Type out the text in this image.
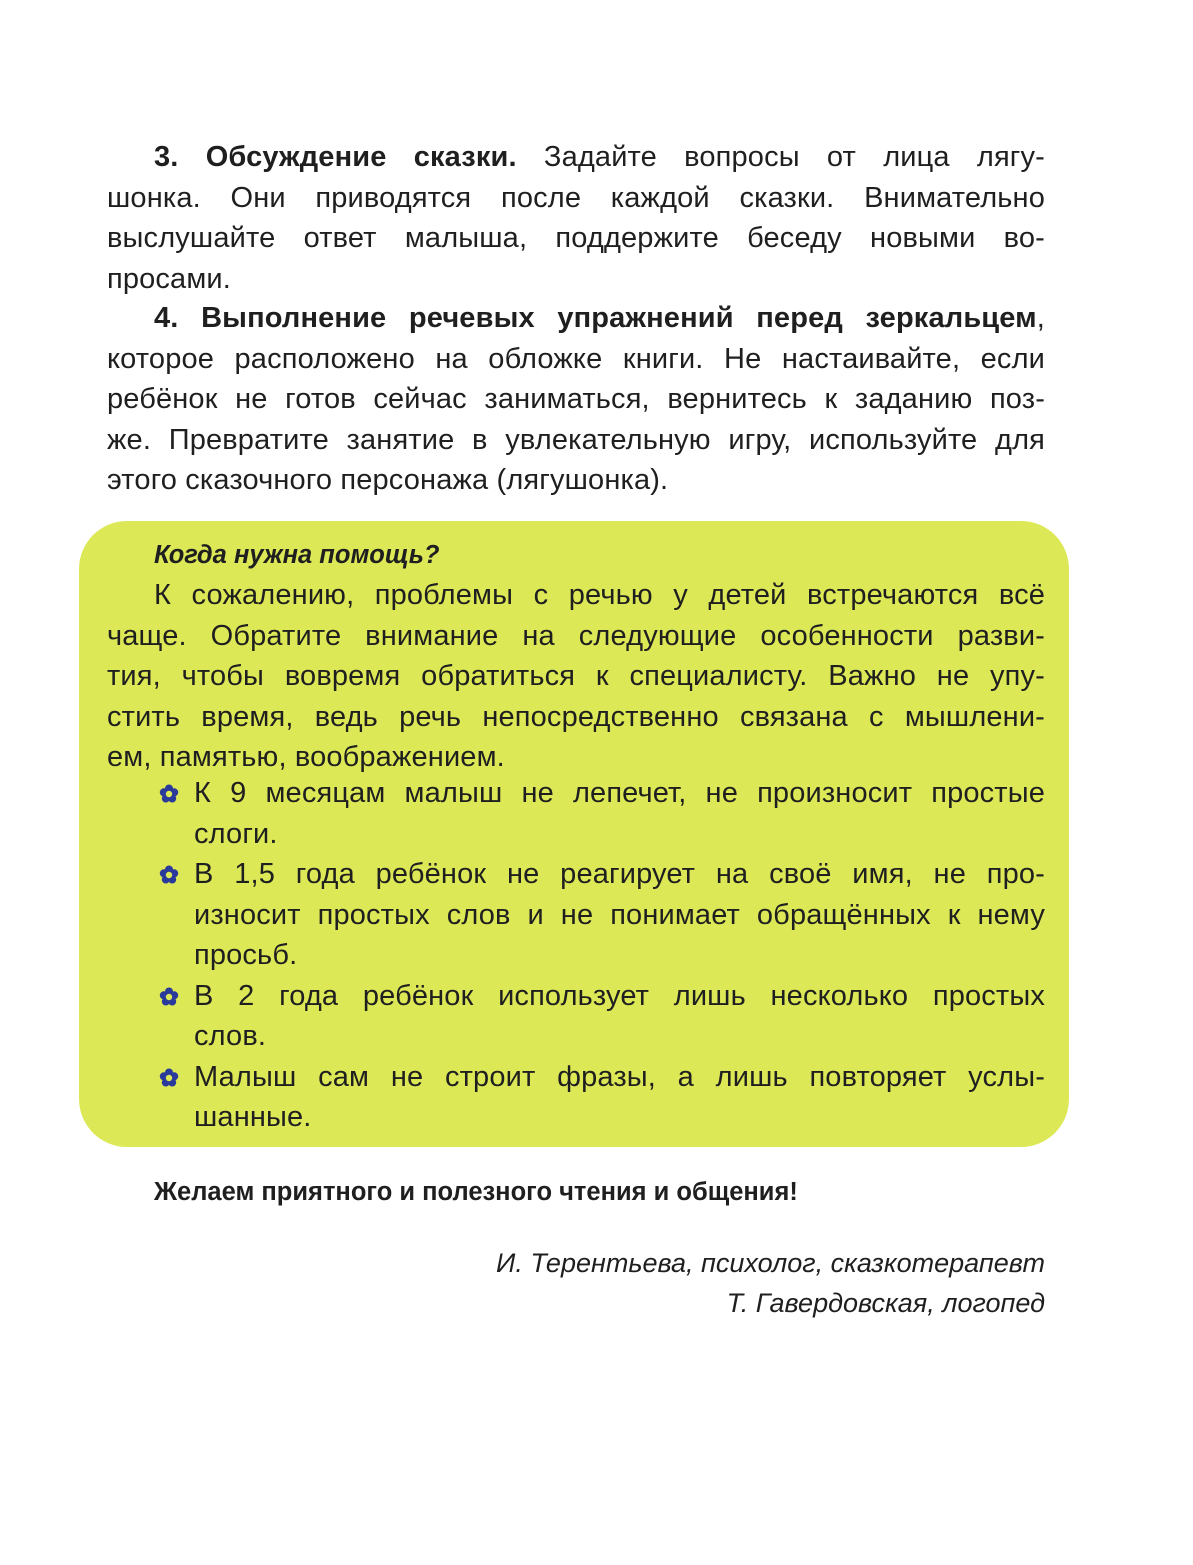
3. Обсуждение сказки. Задайте вопросы от лица лягу-
шонка. Они приводятся после каждой сказки. Внимательно
выслушайте ответ малыша, поддержите беседу новыми во-
просами.
4. Выполнение речевых упражнений перед зеркальцем,
которое расположено на обложке книги. Не настаивайте, если
ребёнок не готов сейчас заниматься, вернитесь к заданию поз-
же. Превратите занятие в увлекательную игру, используйте для
этого сказочного персонажа (лягушонка).
Когда нужна помощь?
К сожалению, проблемы с речью у детей встречаются всё
чаще. Обратите внимание на следующие особенности разви-
тия, чтобы вовремя обратиться к специалисту. Важно не упу-
стить время, ведь речь непосредственно связана с мышлени-
ем, памятью, воображением.
К 9 месяцам малыш не лепечет, не произносит простые
слоги.
В 1,5 года ребёнок не реагирует на своё имя, не про-
износит простых слов и не понимает обращённых к нему
просьб.
В 2 года ребёнок использует лишь несколько простых
слов.
Малыш сам не строит фразы, а лишь повторяет услы-
шанные.
Желаем приятного и полезного чтения и общения!
И. Терентьева, психолог, сказкотерапевт
Т. Гавердовская, логопед
